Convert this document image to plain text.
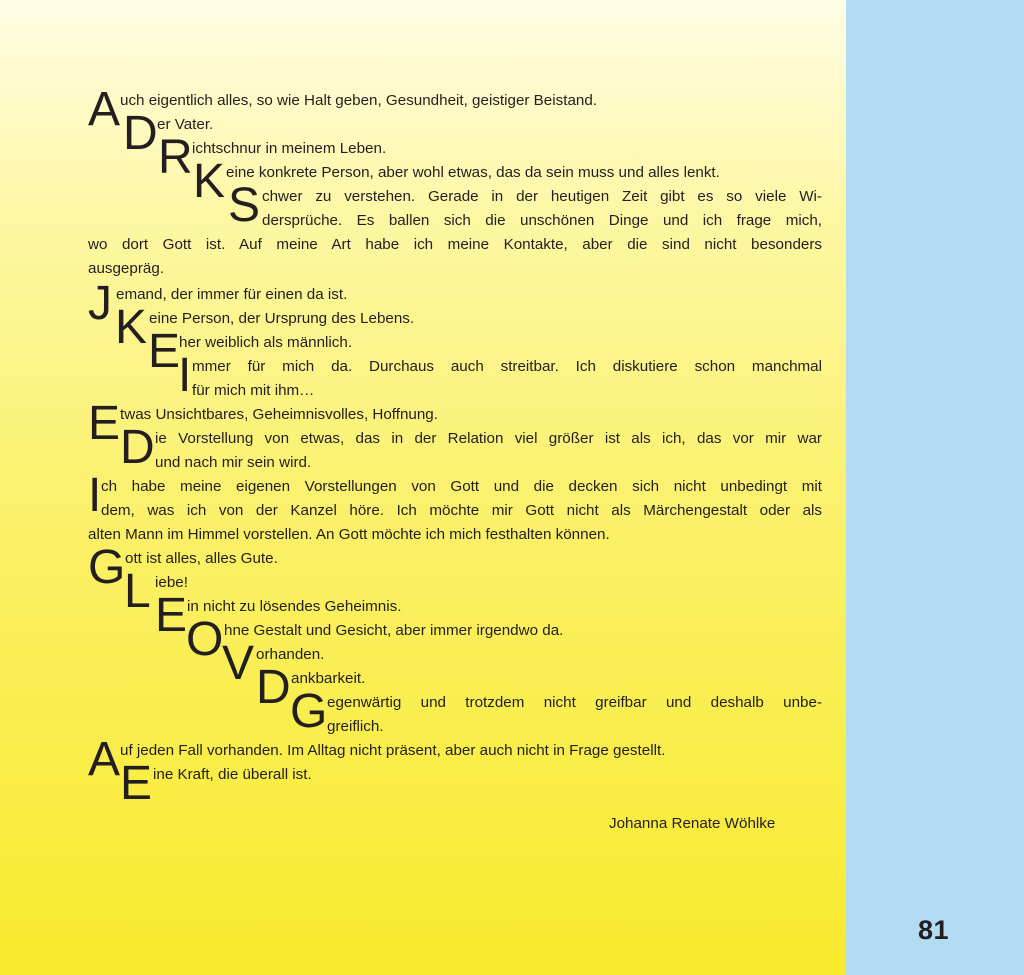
A uch eigentlich alles, so wie Halt geben, Gesundheit, geistiger Beistand.
D er Vater.
R ichtschnur in meinem Leben.
K eine konkrete Person, aber wohl etwas, das da sein muss und alles lenkt.
S chwer zu verstehen. Gerade in der heutigen Zeit gibt es so viele Wi-
dersprüche. Es ballen sich die unschönen Dinge und ich frage mich,
wo dort Gott ist. Auf meine Art habe ich meine Kontakte, aber die sind nicht besonders
ausgepräg.
J emand, der immer für einen da ist.
K eine Person, der Ursprung des Lebens.
E her weiblich als männlich.
I mmer für mich da. Durchaus auch streitbar. Ich diskutiere schon manchmal
für mich mit ihm…
E twas Unsichtbares, Geheimnisvolles, Hoffnung.
D ie Vorstellung von etwas, das in der Relation viel größer ist als ich, das vor mir war
und nach mir sein wird.
I ch habe meine eigenen Vorstellungen von Gott und die decken sich nicht unbedingt mit
dem, was ich von der Kanzel höre. Ich möchte mir Gott nicht als Märchengestalt oder als
alten Mann im Himmel vorstellen. An Gott möchte ich mich festhalten können.
G ott ist alles, alles Gute.
L iebe!
E in nicht zu lösendes Geheimnis.
O hne Gestalt und Gesicht, aber immer irgendwo da.
V orhanden.
D ankbarkeit.
G egenwärtig und trotzdem nicht greifbar und deshalb unbe-
greiflich.
A uf jeden Fall vorhanden. Im Alltag nicht präsent, aber auch nicht in Frage gestellt.
E ine Kraft, die überall ist.
Johanna Renate Wöhlke
81
